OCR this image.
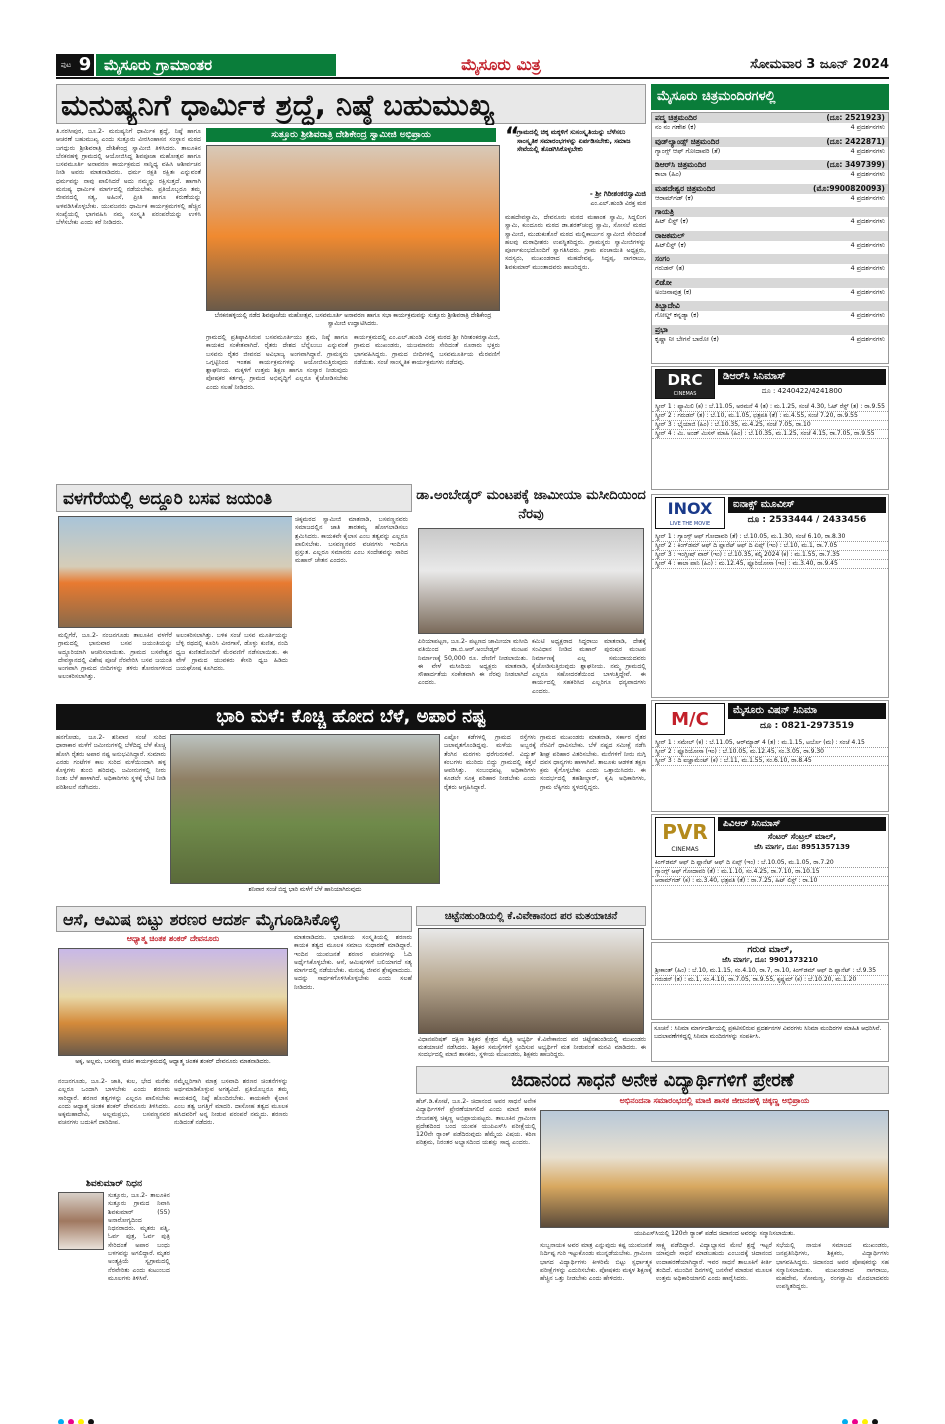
ಪುಟ 9 ಮೈಸೂರು ಗ್ರಾಮಾಂತರ	ಮೈಸೂರು ಮಿತ್ರ	ಸೋಮವಾರ 3 ಜೂನ್ 2024
ಮನುಷ್ಯನಿಗೆ ಧಾರ್ಮಿಕ ಶ್ರದ್ಧೆ, ನಿಷ್ಠೆ ಬಹುಮುಖ್ಯ
ತಿ.ನರಸೀಪುರ, ಜೂ.2- ಮನುಷ್ಯನಿಗೆ ಧಾರ್ಮಿಕ ಶ್ರದ್ಧೆ, ನಿಷ್ಠೆ ಹಾಗೂ ಆಚರಣೆ ಬಹುಮುಖ್ಯ ಎಂದು ಸುತ್ತೂರು ವೀರಸಿಂಹಾಸನ ಸಂಸ್ಥಾನ ಮಠದ ಜಗದ್ಗುರು ಶ್ರೀಶಿವರಾತ್ರಿ ದೇಶಿಕೇಂದ್ರ ಸ್ವಾಮೀಜಿ ತಿಳಿಸಿದರು. ತಾಲೂಕಿನ ಬೆನಕನಹಳ್ಳಿ ಗ್ರಾಮದಲ್ಲಿ ಆಯೋಜಿಸಿದ್ದ ಶಿವಪೂಜಾ ಮಹೋತ್ಸವ ಹಾಗೂ ಬಸವಮೂರ್ತಿ ಅನಾವರಣ ಕಾರ್ಯಕ್ರಮದ ಸಾನ್ನಿಧ್ಯ ವಹಿಸಿ ಆಶೀರ್ವಚನ ನೀಡಿ ಅವರು ಮಾತನಾಡಿದರು. ಧರ್ಮ ರಕ್ಷತಿ ರಕ್ಷಿತಃ ಎನ್ನುವಂತೆ ಧರ್ಮವನ್ನು ನಾವು ಪಾಲಿಸಿದರೆ ಅದು ನಮ್ಮನ್ನು ರಕ್ಷಿಸುತ್ತದೆ. ಹಾಗಾಗಿ ಮನುಷ್ಯ ಧಾರ್ಮಿಕ ಮಾರ್ಗದಲ್ಲಿ ನಡೆಯಬೇಕು. ಪ್ರತಿಯೊಬ್ಬರೂ ತಮ್ಮ ಜೀವನದಲ್ಲಿ ಸತ್ಯ, ಅಹಿಂಸೆ, ಪ್ರೀತಿ ಹಾಗೂ ಕರುಣೆಯನ್ನು ಅಳವಡಿಸಿಕೊಳ್ಳಬೇಕು. ಯುವಜನರು ಧಾರ್ಮಿಕ ಕಾರ್ಯಕ್ರಮಗಳಲ್ಲಿ ಹೆಚ್ಚಿನ ಸಂಖ್ಯೆಯಲ್ಲಿ ಭಾಗವಹಿಸಿ ನಮ್ಮ ಸಂಸ್ಕೃತಿ ಪರಂಪರೆಯನ್ನು ಉಳಿಸಿ ಬೆಳೆಸಬೇಕು ಎಂದು ಕರೆ ನೀಡಿದರು.
ಸುತ್ತೂರು ಶ್ರೀಶಿವರಾತ್ರಿ ದೇಶಿಕೇಂದ್ರ ಸ್ವಾಮೀಜಿ ಅಭಿಪ್ರಾಯ
ಬೆನಕನಹಳ್ಳಿಯಲ್ಲಿ ನಡೆದ ಶಿವಪೂಜೆಯ ಮಹೋತ್ಸವ, ಬಸವಮೂರ್ತಿ ಅನಾವರಣ ಹಾಗೂ ಸಭಾ ಕಾರ್ಯಕ್ರಮವನ್ನು ಸುತ್ತೂರು ಶ್ರೀಶಿವರಾತ್ರಿ ದೇಶಿಕೇಂದ್ರ ಸ್ವಾಮೀಜಿ ಉದ್ಘಾಟಿಸಿದರು.
ಗ್ರಾಮದಲ್ಲಿ ಪ್ರತಿಷ್ಠಾಪಿಸಿರುವ ಬಸವಮೂರ್ತಿಯು ಶ್ರಮ, ನಿಷ್ಠೆ ಹಾಗೂ ಕಾಯಕದ ಸಂಕೇತವಾಗಿದೆ. ರೈತರು ದೇಶದ ಬೆನ್ನೆಲುಬು ಎನ್ನುವಂತೆ ಬಸವನು ರೈತರ ಜೀವನದ ಅವಿಭಾಜ್ಯ ಅಂಗವಾಗಿದ್ದಾನೆ. ಗ್ರಾಮಸ್ಥರು ಒಗ್ಗಟ್ಟಿನಿಂದ ಇಂತಹ ಕಾರ್ಯಕ್ರಮಗಳನ್ನು ಆಯೋಜಿಸುತ್ತಿರುವುದು ಶ್ಲಾಘನೀಯ. ಮಕ್ಕಳಿಗೆ ಉತ್ತಮ ಶಿಕ್ಷಣ ಹಾಗೂ ಸಂಸ್ಕಾರ ನೀಡುವುದು ಪೋಷಕರ ಕರ್ತವ್ಯ. ಗ್ರಾಮದ ಅಭಿವೃದ್ಧಿಗೆ ಎಲ್ಲರೂ ಕೈಜೋಡಿಸಬೇಕು ಎಂದು ಸಲಹೆ ನೀಡಿದರು.
ಕಾರ್ಯಕ್ರಮದಲ್ಲಿ ಎಂ.ಎಲ್.ಹುಂಡಿ ವಿರಕ್ತ ಮಠದ ಶ್ರೀ ಗಿರೀಶಂಕರಸ್ವಾಮಿಜಿ, ಗ್ರಾಮದ ಮುಖಂಡರು, ಯಜಮಾನರು ಸೇರಿದಂತೆ ನೂರಾರು ಭಕ್ತರು ಭಾಗವಹಿಸಿದ್ದರು. ಗ್ರಾಮದ ಬೀದಿಗಳಲ್ಲಿ ಬಸವಮೂರ್ತಿಯ ಮೆರವಣಿಗೆ ನಡೆಯಿತು. ಸಂಜೆ ಸಾಂಸ್ಕೃತಿಕ ಕಾರ್ಯಕ್ರಮಗಳು ನಡೆದವು.
“
ಗ್ರಾಮದಲ್ಲಿ ಚಿಕ್ಕ ಮಕ್ಕಳಿಗೆ ಸುಸಂಸ್ಕೃತಿಯನ್ನು ಬೆಳೆಸಲು ಸಾಂಸ್ಕೃತಿಕ ಸಮಾರಂಭಗಳನ್ನು ಏರ್ಪಡಿಸಬೇಕು, ಸಮಾಜ ಸೇವೆಯಲ್ಲಿ ತೊಡಗಿಸಿಕೊಳ್ಳಬೇಕು
- ಶ್ರೀ ಗಿರೀಶಂಕರಸ್ವಾಮಿಜಿ
ಎಂ.ಎಲ್.ಹುಂಡಿ ವಿರಕ್ತ ಮಠ
ಮಹದೇವಸ್ವಾಮಿ, ದೇವನೂರು ಮಠದ ಮಹಾಂತ ಸ್ವಾಮಿ, ಸಿದ್ದಲಿಂಗ ಸ್ವಾಮಿ, ಕುಂದೂರು ಮಠದ ಡಾ.ಶರತ್‌ಚಂದ್ರ ಸ್ವಾಮಿ, ಸೋಸಲೆ ಮಠದ ಸ್ವಾಮೀಜಿ, ಮುಡುಕುತೊರೆ ಮಠದ ಮಲ್ಲಿಕಾರ್ಜುನ ಸ್ವಾಮೀಜಿ ಸೇರಿದಂತೆ ಹಲವು ಮಠಾಧೀಶರು ಉಪಸ್ಥಿತರಿದ್ದರು. ಗ್ರಾಮಸ್ಥರು ಸ್ವಾಮೀಜಿಗಳನ್ನು ಪೂರ್ಣಕುಂಭದೊಂದಿಗೆ ಸ್ವಾಗತಿಸಿದರು. ಗ್ರಾಮ ಪಂಚಾಯಿತಿ ಅಧ್ಯಕ್ಷರು, ಸದಸ್ಯರು, ಮುಖಂಡರಾದ ಮಹದೇವಪ್ಪ, ಸಿದ್ದಪ್ಪ, ನಾಗರಾಜು, ಶಿವಕುಮಾರ್ ಮುಂತಾದವರು ಹಾಜರಿದ್ದರು.
ಮೈಸೂರು ಚಿತ್ರಮಂದಿರಗಳಲ್ಲಿ
ಪದ್ಮ ಚಿತ್ರಮಂದಿರ	(ದೂ: 2521923)
ನಂ ನಂ ಗಣೇಶ (ಕ)	4 ಪ್ರದರ್ಶನಗಳು
ವುಡ್‌ಲ್ಯಾಂಡ್ಸ್ ಚಿತ್ರಮಂದಿರ	(ದೂ: 2422871)
ಗ್ಯಾಂಗ್ಸ್ ಆಫ್ ಗೋದಾವರಿ (ತೆ)	4 ಪ್ರದರ್ಶನಗಳು
ಡಿಆರ್‌ಸಿ ಚಿತ್ರಮಂದಿರ	(ದೂ: 3497399)
ಕಾಲಾ (ಹಿಂ)	4 ಪ್ರದರ್ಶನಗಳು
ಮಹದೇಶ್ವರ ಚಿತ್ರಮಂದಿರ	(ಮೊ:9900820093)
ಆರಾಮ್‌ಗಡ್ (ಕ)	4 ಪ್ರದರ್ಶನಗಳು
ಗಾಯತ್ರಿ
ಹಿಟ್ ಲಿಸ್ಟ್ (ಕ)	4 ಪ್ರದರ್ಶನಗಳು
ರಾಜಕಮಲ್
ಹಿಟ್‌ಲಿಸ್ಟ್ (ಕ)	4 ಪ್ರದರ್ಶನಗಳು
ಸಂಗಂ
ಗರುಡನ್ (ತ)	4 ಪ್ರದರ್ಶನಗಳು
ಲಿಡೋ
ಅಂಜನಾಪುತ್ರ (ಕ)	4 ಪ್ರದರ್ಶನಗಳು
ತಿಬ್ಬಾದೇವಿ
ಗೋಲ್ಡ್ ಕನ್ನಡ್ಯಾ (ಕ)	4 ಪ್ರದರ್ಶನಗಳು
ಪ್ರಭಾ
ಕೃಷ್ಣಾ ನೀ ಬೇಗನೆ ಬಾರೋ (ಕ)	4 ಪ್ರದರ್ಶನಗಳು
DRC
CINEMAS
ಡಿಆರ್‌ಸಿ ಸಿನಿಮಾಸ್
ದೂ : 4240422/4241800
ಸ್ಕ್ರೀನ್ 1 : ಫ್ಯಾಮಿಲಿ (ಕ) : ಬೆ.11.05, ಅರಮನೆ 4 (ತ) : ಮ.1.25, ಸಂಜೆ 4.30, ಓಟ್ ರೆಸ್ಟ್ (ತ) : ರಾ.9.55
ಸ್ಕ್ರೀನ್ 2 : ಗರುಡನ್ (ತ) : ಬೆ.10, ಮ.1.05, ಛತ್ರಪತಿ (ತೆ) : ಮ.4.55, ಸಂಜೆ 7.20, ರಾ.9.55
ಸ್ಕ್ರೀನ್ 3 : ಭೈಯಾಜಿ (ಹಿಂ) : ಬೆ.10.35, ಮ.4.25, ಸಂಜೆ 7.05, ರಾ.10
ಸ್ಕ್ರೀನ್ 4 : ಮಿ. ಅಂಡ್ ಮಿಸಸ್ ಮಾಹಿ (ಹಿಂ) : ಬೆ.10.35, ಮ.1.25, ಸಂಜೆ 4.15, ರಾ.7.05, ರಾ.9.55
INOX
LIVE THE MOVIE
ಐನಾಕ್ಸ್ ಮೂವೀಸ್
ದೂ : 2533444 / 2433456
ಸ್ಕ್ರೀನ್ 1 : ಗ್ಯಾಂಗ್ಸ್ ಆಫ್ ಗೋದಾವರಿ (ತೆ) : ಬೆ.10.05, ಮ.1.30, ಸಂಜೆ 6.10, ರಾ.8.30
ಸ್ಕ್ರೀನ್ 2 : ಕಿಂಗ್‌ಡಮ್ ಆಫ್ ದಿ ಪ್ಲಾನೆಟ್ ಆಫ್ ದಿ ಏಪ್ಸ್ (ಇಂ) : ಬೆ.10, ಮ.1, ರಾ.7.05
ಸ್ಕ್ರೀನ್ 3 : ಇಂಗ್ಲೀಷ್ ವಾರ್ (ಇಂ) : ಬೆ.10.35, ಕಲ್ಕಿ 2024 (ಕ) : ಮ.1.55, ರಾ.7.35
ಸ್ಕ್ರೀನ್ 4 : ಕಾಲಾ ಪಾನಿ (ಹಿಂ) : ಮ.12.45, ಫ್ಯೂರಿಯೋಸಾ (ಇಂ) : ಮ.3.40, ರಾ.9.45
M/C	ಮೈಸೂರು ವಿಷನ್ ಸಿನಿಮಾ
ದೂ : 0821-2973519
ಸ್ಕ್ರೀನ್ 1 : ಸಮೇಲ್ (ಕ) : ಬೆ.11.05, ಆರ್‌ಮ್ಯಾಡ್ 4 (ತ) : ಮ.1.15, ಟರ್ಬೊ (ಮ) : ಸಂಜೆ 4.15
ಸ್ಕ್ರೀನ್ 2 : ಫ್ಯೂರಿಯೋಸಾ (ಇಂ) : ಬೆ.10.05, ಮ.12.45, ಸಂ.3.05, ರಾ.9.30
ಸ್ಕ್ರೀನ್ 3 : ದಿ ಐಜ್ಞಾಮೆಂಟ್ (ಕ) : ಬೆ.11, ಮ.1.55, ಸಂ.6.10, ರಾ.8.45
PVR
CINEMAS
ಪಿವಿಆರ್ ಸಿನಿಮಾಸ್
ಸೆಂಟರ್ ಸೆಂಟ್ರಲ್ ಮಾಲ್,
ಜೆಸಿ ಮಾರ್ಗ, ದೂ: 8951357139
ಕಿಂಗ್‌ಡಮ್ ಆಫ್ ದಿ ಪ್ಲಾನೆಟ್ ಆಫ್ ದಿ ಏಪ್ಸ್ (ಇಂ) : ಬೆ.10.05, ಮ.1.05, ರಾ.7.20
ಗ್ಯಾಂಗ್ಸ್ ಆಫ್ ಗೋದಾವರಿ (ತೆ) : ಮ.1.10, ಸಂ.4.25, ರಾ.7.10, ರಾ.10.15
ಆರಾಮ್‌ಗಡ್ (ಕ) : ಮ.3.40, ಛತ್ರಪತಿ (ತೆ) : ರಾ.7.25, ಹಿಟ್ ಲಿಸ್ಟ್ : ರಾ.10
ಗರುಡ ಮಾಲ್,
ಜೆಸಿ ಮಾರ್ಗ, ದೂ: 9901373210
ಶ್ರೀಕಾಂತ್ (ಹಿಂ) : ಬೆ.10, ಮ.1.15, ಸಂ.4.10, ರಾ.7, ರಾ.10, ಕಿಂಗ್‌ಡಮ್ ಆಫ್ ದಿ ಪ್ಲಾನೆಟ್ : ಬೆ.9.35
ಗರುಡನ್ (ತ) : ಮ.1, ಸಂ.4.10, ರಾ.7.05, ರಾ.9.55, ಕೃಷ್ಣಮ್ (ಕ) : ಬೆ.10.20, ಮ.1.20
ಸೂಚನೆ : ಸಿನಿಮಾ ಮಾರ್ಗದರ್ಶಿಯಲ್ಲಿ ಪ್ರಕಟಿಸಲಿರುವ ಪ್ರದರ್ಶನಗಳ ವಿವರಗಳು ಸಿನಿಮಾ ಮಂದಿರಗಳ ಮಾಹಿತಿ ಆಧರಿಸಿವೆ. ಬದಲಾವಣೆಗಳಿದ್ದಲ್ಲಿ ಸಿನಿಮಾ ಮಂದಿರಗಳನ್ನು ಸಂಪರ್ಕಿಸಿ.
ವಳಗೆರೆಯಲ್ಲಿ ಅದ್ದೂರಿ ಬಸವ ಜಯಂತಿ
ಮಲ್ಲಿಗೆರೆ, ಜೂ.2- ನಂಜನಗೂಡು ತಾಲೂಕಿನ ವಳಗೆರೆ ಗ್ರಾಮದಲ್ಲಿ ಭಾನುವಾರ ಬಸವ ಜಯಂತಿಯನ್ನು ಅದ್ದೂರಿಯಾಗಿ ಆಚರಿಸಲಾಯಿತು. ಗ್ರಾಮದ ಬಸವೇಶ್ವರ ದೇವಸ್ಥಾನದಲ್ಲಿ ವಿಶೇಷ ಪೂಜೆ ನೆರವೇರಿಸಿ ಬಸವ ಜಯಂತಿ ಅಂಗವಾಗಿ ಗ್ರಾಮದ ಬೀದಿಗಳನ್ನು ತಳಿರು ತೋರಣಗಳಿಂದ ಅಲಂಕರಿಸಲಾಗಿತ್ತು.
ಅಲಂಕರಿಸಲಾಗಿತ್ತು. ಬಳಿಕ ಸಂಜೆ ಬಸವ ಮೂರ್ತಿಯನ್ನು ಬೆಳ್ಳಿ ರಥದಲ್ಲಿ ಕೂರಿಸಿ ವೀರಗಾಸೆ, ಡೊಳ್ಳು ಕುಣಿತ, ನಂದಿ ಧ್ವಜ ಕುಣಿತದೊಂದಿಗೆ ಮೆರವಣಿಗೆ ನಡೆಸಲಾಯಿತು. ಈ ವೇಳೆ ಗ್ರಾಮದ ಯುವಕರು ಕೇಸರಿ ಧ್ವಜ ಹಿಡಿದು ಜಯಘೋಷ ಕೂಗಿದರು.
ಚಿಕ್ಕಮಠದ ಸ್ವಾಮೀಜಿ ಮಾತನಾಡಿ, ಬಸವಣ್ಣನವರು ಸಮಾಜದಲ್ಲಿನ ಜಾತಿ ತಾರತಮ್ಯ ಹೋಗಲಾಡಿಸಲು ಶ್ರಮಿಸಿದರು. ಕಾಯಕವೇ ಕೈಲಾಸ ಎಂಬ ತತ್ವವನ್ನು ಎಲ್ಲರೂ ಪಾಲಿಸಬೇಕು. ಬಸವಣ್ಣನವರ ವಚನಗಳು ಇಂದಿಗೂ ಪ್ರಸ್ತುತ. ಎಲ್ಲರೂ ಸಮಾನರು ಎಂಬ ಸಂದೇಶವನ್ನು ಸಾರಿದ ಮಹಾನ್ ಚೇತನ ಎಂದರು.
ಡಾ.ಅಂಬೇಡ್ಕರ್ ಮಂಟಪಕ್ಕೆ ಜಾಮೀಯಾ ಮಸೀದಿಯಿಂದ ನೆರವು
ಪಿರಿಯಾಪಟ್ಟಣ, ಜೂ.2- ಪಟ್ಟಣದ ಜಾಮೀಯಾ ಮಸೀದಿ ವತಿಯಿಂದ ಡಾ.ಬಿ.ಆರ್.ಅಂಬೇಡ್ಕರ್ ಮಂಟಪ ನಿರ್ಮಾಣಕ್ಕೆ 50,000 ರೂ. ದೇಣಿಗೆ ನೀಡಲಾಯಿತು. ಈ ವೇಳೆ ಮಸೀದಿಯ ಅಧ್ಯಕ್ಷರು ಮಾತನಾಡಿ, ಸೌಹಾರ್ದತೆಯ ಸಂಕೇತವಾಗಿ ಈ ನೆರವು ನೀಡಲಾಗಿದೆ ಎಂದರು.
ಕಮಿಟಿ ಅಧ್ಯಕ್ಷರಾದ ಸಿದ್ದರಾಜು ಮಾತನಾಡಿ, ದೇಶಕ್ಕೆ ಸಂವಿಧಾನ ನೀಡಿದ ಮಹಾನ್ ಪುರುಷರ ಮಂಟಪ ನಿರ್ಮಾಣಕ್ಕೆ ಎಲ್ಲ ಸಮುದಾಯದವರು ಕೈಜೋಡಿಸುತ್ತಿರುವುದು ಶ್ಲಾಘನೀಯ. ನಮ್ಮ ಗ್ರಾಮದಲ್ಲಿ ಎಲ್ಲರೂ ಸಹೋದರತೆಯಿಂದ ಬಾಳುತ್ತಿದ್ದೇವೆ. ಈ ಕಾರ್ಯದಲ್ಲಿ ಸಹಕರಿಸಿದ ಎಲ್ಲರಿಗೂ ಧನ್ಯವಾದಗಳು ಎಂದರು.
ಭಾರಿ ಮಳೆ: ಕೊಚ್ಚಿ ಹೋದ ಬೆಳೆ, ಅಪಾರ ನಷ್ಟ
ಹನಗೋಡು, ಜೂ.2- ಶನಿವಾರ ಸಂಜೆ ಸುರಿದ ಧಾರಾಕಾರ ಮಳೆಗೆ ಜಮೀನುಗಳಲ್ಲಿ ಬೆಳೆದಿದ್ದ ಬೆಳೆ ಕೊಚ್ಚಿ ಹೋಗಿ ರೈತರು ಅಪಾರ ನಷ್ಟ ಅನುಭವಿಸಿದ್ದಾರೆ. ಸುಮಾರು ಎರಡು ಗಂಟೆಗಳ ಕಾಲ ಸುರಿದ ಮಳೆಯಿಂದಾಗಿ ಹಳ್ಳ ಕೊಳ್ಳಗಳು ತುಂಬಿ ಹರಿದವು. ಜಮೀನುಗಳಲ್ಲಿ ನೀರು ನಿಂತು ಬೆಳೆ ಹಾಳಾಗಿದೆ. ಅಧಿಕಾರಿಗಳು ಸ್ಥಳಕ್ಕೆ ಭೇಟಿ ನೀಡಿ ಪರಿಶೀಲನೆ ನಡೆಸಿದರು.
ಶನಿವಾರ ಸಂಜೆ ಬಿದ್ದ ಭಾರಿ ಮಳೆಗೆ ಬೆಳೆ ಹಾನಿಯಾಗಿರುವುದು
ಎಷ್ಟೋ ಕಡೆಗಳಲ್ಲಿ ಗ್ರಾಮದ ರಸ್ತೆಗಳು ಜಲಾವೃತಗೊಂಡಿದ್ದವು. ಮಳೆಯ ಅಬ್ಬರಕ್ಕೆ ತೆಂಗಿನ ಮರಗಳು ಧರೆಗುರುಳಿವೆ. ವಿದ್ಯುತ್ ಕಂಬಗಳು ಮುರಿದು ಬಿದ್ದು ಗ್ರಾಮದಲ್ಲಿ ಕತ್ತಲೆ ಆವರಿಸಿತ್ತು. ಸಂಬಂಧಪಟ್ಟ ಅಧಿಕಾರಿಗಳು ಕೂಡಲೇ ಸೂಕ್ತ ಪರಿಹಾರ ನೀಡಬೇಕು ಎಂದು ರೈತರು ಆಗ್ರಹಿಸಿದ್ದಾರೆ.
ಗ್ರಾಮದ ಮುಖಂಡರು ಮಾತನಾಡಿ, ಸರ್ಕಾರ ರೈತರ ನೆರವಿಗೆ ಧಾವಿಸಬೇಕು. ಬೆಳೆ ನಷ್ಟದ ಸಮೀಕ್ಷೆ ನಡೆಸಿ ಶೀಘ್ರ ಪರಿಹಾರ ವಿತರಿಸಬೇಕು. ಮನೆಗಳಿಗೆ ನೀರು ನುಗ್ಗಿ ದವಸ ಧಾನ್ಯಗಳು ಹಾಳಾಗಿವೆ. ತಾಲೂಕು ಆಡಳಿತ ತಕ್ಷಣ ಕ್ರಮ ಕೈಗೊಳ್ಳಬೇಕು ಎಂದು ಒತ್ತಾಯಿಸಿದರು. ಈ ಸಂದರ್ಭದಲ್ಲಿ ತಹಶೀಲ್ದಾರ್, ಕೃಷಿ ಅಧಿಕಾರಿಗಳು, ಗ್ರಾಮ ಲೆಕ್ಕಿಗರು ಸ್ಥಳದಲ್ಲಿದ್ದರು.
ಆಸೆ, ಆಮಿಷ ಬಿಟ್ಟು ಶರಣರ ಆದರ್ಶ ಮೈಗೂಡಿಸಿಕೊಳ್ಳಿ
ಆಧ್ಯಾತ್ಮ ಚಿಂತಕ ಶಂಕರ್ ದೇವನೂರು
ಅಕ್ಕ, ಅಲ್ಲಮ, ಬಸವಣ್ಣ ವಚನ ಕಾರ್ಯಕ್ರಮದಲ್ಲಿ ಆಧ್ಯಾತ್ಮ ಚಿಂತಕ ಶಂಕರ್ ದೇವನೂರು ಮಾತನಾಡಿದರು.
ನಂಜನಗೂಡು, ಜೂ.2- ಜಾತಿ, ಕುಲ, ಭೇದ ಮರೆತು ಎಲ್ಲರೂ ಒಂದಾಗಿ ಬಾಳಬೇಕು ಎಂದು ಶರಣರು ಸಾರಿದ್ದಾರೆ. ಶರಣರ ತತ್ವಗಳನ್ನು ಎಲ್ಲರೂ ಪಾಲಿಸಬೇಕು ಎಂದು ಆಧ್ಯಾತ್ಮ ಚಿಂತಕ ಶಂಕರ್ ದೇವನೂರು ತಿಳಿಸಿದರು. ಅಕ್ಕಮಹಾದೇವಿ, ಅಲ್ಲಮಪ್ರಭು, ಬಸವಣ್ಣನವರ ವಚನಗಳು ಬದುಕಿಗೆ ದಾರಿದೀಪ.
ನಮ್ಮೆಲ್ಲರಿಗಾಗಿ ಮಾತ್ರ ಬಸವಾದಿ ಶರಣರ ಚಿಂತನೆಗಳನ್ನು ಅರ್ಥಮಾಡಿಕೊಳ್ಳುವ ಅಗತ್ಯವಿದೆ. ಪ್ರತಿಯೊಬ್ಬರೂ ತಮ್ಮ ಕಾಯಕದಲ್ಲಿ ನಿಷ್ಠೆ ಹೊಂದಿರಬೇಕು. ಕಾಯಕವೇ ಕೈಲಾಸ ಎಂಬ ತತ್ವ ಜಗತ್ತಿಗೆ ಮಾದರಿ. ದಾಸೋಹ ತತ್ವದ ಮೂಲಕ ಹಸಿದವರಿಗೆ ಅನ್ನ ನೀಡುವ ಪರಂಪರೆ ನಮ್ಮದು. ಶರಣರು ನುಡಿದಂತೆ ನಡೆದರು.
ಮಾತನಾಡಿದರು. ಭಾರತೀಯ ಸಂಸ್ಕೃತಿಯಲ್ಲಿ ಶರಣರು ಕಾಯಕ ತತ್ವದ ಮೂಲಕ ಸಮಾಜ ಸುಧಾರಣೆ ಮಾಡಿದ್ದಾರೆ. ಇಂದಿನ ಯುವಜನತೆ ಶರಣರ ವಚನಗಳನ್ನು ಓದಿ ಅರ್ಥೈಸಿಕೊಳ್ಳಬೇಕು. ಆಸೆ, ಆಮಿಷಗಳಿಗೆ ಬಲಿಯಾಗದೆ ಸತ್ಯ ಮಾರ್ಗದಲ್ಲಿ ನಡೆಯಬೇಕು. ಮನುಷ್ಯ ಜೀವನ ಶ್ರೇಷ್ಠವಾದುದು. ಅದನ್ನು ಸಾರ್ಥಕಗೊಳಿಸಿಕೊಳ್ಳಬೇಕು ಎಂದು ಸಲಹೆ ನೀಡಿದರು.
ಶಿವಕುಮಾರ್ ನಿಧನ
ಸುತ್ತೂರು, ಜೂ.2- ತಾಲೂಕಿನ ಸುತ್ತೂರು ಗ್ರಾಮದ ನಿವಾಸಿ ಶಿವಕುಮಾರ್ (55) ಅನಾರೋಗ್ಯದಿಂದ ನಿಧನರಾದರು. ಮೃತರು ಪತ್ನಿ, ಓರ್ವ ಪುತ್ರ, ಓರ್ವ ಪುತ್ರಿ ಸೇರಿದಂತೆ ಅಪಾರ ಬಂಧು ಬಳಗವನ್ನು ಅಗಲಿದ್ದಾರೆ. ಮೃತರ ಅಂತ್ಯಕ್ರಿಯೆ ಸ್ವಗ್ರಾಮದಲ್ಲಿ ನೆರವೇರಿತು ಎಂದು ಕುಟುಂಬದ ಮೂಲಗಳು ತಿಳಿಸಿವೆ.
ಚಿಟ್ಟೆನಹುಂಡಿಯಲ್ಲಿ ಕೆ.ವಿವೇಕಾನಂದ ಪರ ಮತಯಾಚನೆ
ವಿಧಾನಪರಿಷತ್ ದಕ್ಷಿಣ ಶಿಕ್ಷಕರ ಕ್ಷೇತ್ರದ ಮೈತ್ರಿ ಅಭ್ಯರ್ಥಿ ಕೆ.ವಿವೇಕಾನಂದ ಪರ ಚಿಟ್ಟೆನಹುಂಡಿಯಲ್ಲಿ ಮುಖಂಡರು ಮತಯಾಚನೆ ನಡೆಸಿದರು. ಶಿಕ್ಷಕರ ಸಮಸ್ಯೆಗಳಿಗೆ ಸ್ಪಂದಿಸುವ ಅಭ್ಯರ್ಥಿಗೆ ಮತ ನೀಡುವಂತೆ ಮನವಿ ಮಾಡಿದರು. ಈ ಸಂದರ್ಭದಲ್ಲಿ ಮಾಜಿ ಶಾಸಕರು, ಸ್ಥಳೀಯ ಮುಖಂಡರು, ಶಿಕ್ಷಕರು ಹಾಜರಿದ್ದರು.
ಚಿದಾನಂದ ಸಾಧನೆ ಅನೇಕ ವಿದ್ಯಾರ್ಥಿಗಳಿಗೆ ಪ್ರೇರಣೆ
ಅಭಿನಂದನಾ ಸಮಾರಂಭದಲ್ಲಿ ಮಾಜಿ ಶಾಸಕ ಜೀಜನಹಳ್ಳಿ ಚಿಕ್ಕಣ್ಣ ಅಭಿಪ್ರಾಯ
ಹೆಚ್.ಡಿ.ಕೋಟೆ, ಜೂ.2- ಚಿದಾನಂದ ಅವರ ಸಾಧನೆ ಅನೇಕ ವಿದ್ಯಾರ್ಥಿಗಳಿಗೆ ಪ್ರೇರಣೆಯಾಗಲಿದೆ ಎಂದು ಮಾಜಿ ಶಾಸಕ ಜೀಜನಹಳ್ಳಿ ಚಿಕ್ಕಣ್ಣ ಅಭಿಪ್ರಾಯಪಟ್ಟರು. ತಾಲೂಕಿನ ಗ್ರಾಮೀಣ ಪ್ರದೇಶದಿಂದ ಬಂದ ಯುವಕ ಯುಪಿಎಸ್‌ಸಿ ಪರೀಕ್ಷೆಯಲ್ಲಿ 120ನೇ ರ್‍ಯಾಂಕ್ ಪಡೆದಿರುವುದು ಹೆಮ್ಮೆಯ ವಿಷಯ. ಕಠಿಣ ಪರಿಶ್ರಮ, ನಿರಂತರ ಅಭ್ಯಾಸದಿಂದ ಯಶಸ್ಸು ಸಾಧ್ಯ ಎಂದರು.
ಯುಪಿಎಸ್‌ಸಿಯಲ್ಲಿ 120ನೇ ರ್‍ಯಾಂಕ್ ಪಡೆದ ಚಿದಾನಂದ ಅವರನ್ನು ಸನ್ಮಾನಿಸಲಾಯಿತು.
ಸುಬ್ಬನಾಯಕ ಅವರ ಮಾತ್ರ ಎನ್ನುವುದು ಕಷ್ಟ ಯುವಜನತೆ ನಿರ್ದಿಷ್ಟ ಗುರಿ ಇಟ್ಟುಕೊಂಡು ಮುನ್ನಡೆಯಬೇಕು. ಗ್ರಾಮೀಣ ಭಾಗದ ವಿದ್ಯಾರ್ಥಿಗಳು ಕೀಳರಿಮೆ ಬಿಟ್ಟು ಸ್ಪರ್ಧಾತ್ಮಕ ಪರೀಕ್ಷೆಗಳನ್ನು ಎದುರಿಸಬೇಕು. ಪೋಷಕರು ಮಕ್ಕಳ ಶಿಕ್ಷಣಕ್ಕೆ ಹೆಚ್ಚಿನ ಒತ್ತು ನೀಡಬೇಕು ಎಂದು ಹೇಳಿದರು.
ಸಾಕ್ಷ್ಯ ಪಡೆದಿದ್ದಾರೆ. ವಿದ್ಯಾಭ್ಯಾಸದ ಮೇಲೆ ಶ್ರದ್ಧೆ ಇಟ್ಟರೆ ಯಾವುದೇ ಸಾಧನೆ ಮಾಡಬಹುದು ಎಂಬುದಕ್ಕೆ ಚಿದಾನಂದ ಉದಾಹರಣೆಯಾಗಿದ್ದಾರೆ. ಇವರ ಸಾಧನೆ ತಾಲೂಕಿಗೆ ಕೀರ್ತಿ ತಂದಿದೆ. ಮುಂದಿನ ದಿನಗಳಲ್ಲಿ ಜನಸೇವೆ ಮಾಡುವ ಮೂಲಕ ಉತ್ತಮ ಅಧಿಕಾರಿಯಾಗಲಿ ಎಂದು ಹಾರೈಸಿದರು.
ಸಭೆಯಲ್ಲಿ ನಾಯಕ ಸಮಾಜದ ಮುಖಂಡರು, ಜನಪ್ರತಿನಿಧಿಗಳು, ಶಿಕ್ಷಕರು, ವಿದ್ಯಾರ್ಥಿಗಳು ಭಾಗವಹಿಸಿದ್ದರು. ಚಿದಾನಂದ ಅವರ ಪೋಷಕರನ್ನು ಸಹ ಸನ್ಮಾನಿಸಲಾಯಿತು. ಮುಖಂಡರಾದ ನಾಗರಾಜು, ಮಹದೇವ, ಸೋಮಣ್ಣ, ರಂಗಸ್ವಾಮಿ ಮೊದಲಾದವರು ಉಪಸ್ಥಿತರಿದ್ದರು.
